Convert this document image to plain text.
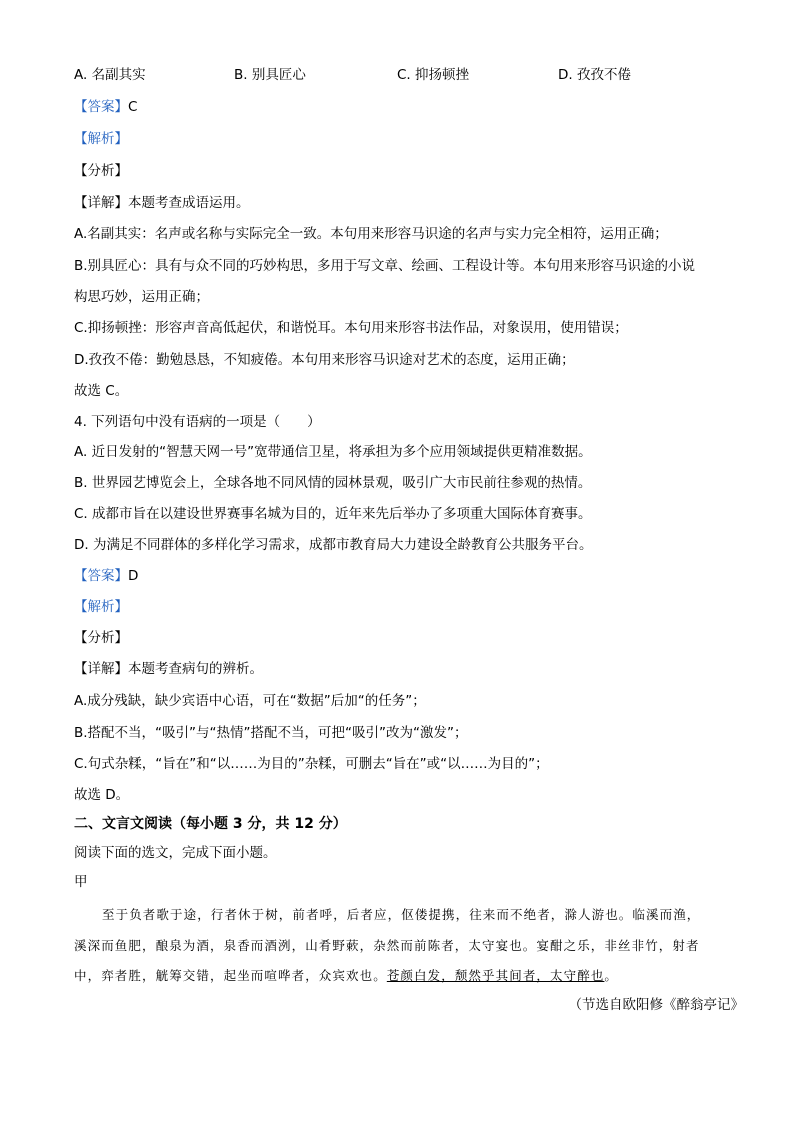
A. 名副其实	B. 别具匠心	C. 抑扬顿挫	D. 孜孜不倦
【答案】C
【解析】
【分析】
【详解】本题考查成语运用。
A.名副其实：名声或名称与实际完全一致。本句用来形容马识途的名声与实力完全相符，运用正确；
B.别具匠心：具有与众不同的巧妙构思，多用于写文章、绘画、工程设计等。本句用来形容马识途的小说
构思巧妙，运用正确；
C.抑扬顿挫：形容声音高低起伏，和谐悦耳。本句用来形容书法作品，对象误用，使用错误；
D.孜孜不倦：勤勉恳恳，不知疲倦。本句用来形容马识途对艺术的态度，运用正确；
故选 C。
4. 下列语句中没有语病的一项是（　　）
A. 近日发射的“智慧天网一号”宽带通信卫星，将承担为多个应用领域提供更精准数据。
B. 世界园艺博览会上，全球各地不同风情的园林景观，吸引广大市民前往参观的热情。
C. 成都市旨在以建设世界赛事名城为目的，近年来先后举办了多项重大国际体育赛事。
D. 为满足不同群体的多样化学习需求，成都市教育局大力建设全龄教育公共服务平台。
【答案】D
【解析】
【分析】
【详解】本题考查病句的辨析。
A.成分残缺，缺少宾语中心语，可在“数据”后加“的任务”；
B.搭配不当，“吸引”与“热情”搭配不当，可把“吸引”改为“激发”；
C.句式杂糅，“旨在”和“以……为目的”杂糅，可删去“旨在”或“以……为目的”；
故选 D。
二、文言文阅读（每小题 3 分，共 12 分）
阅读下面的选文，完成下面小题。
甲
至于负者歌于途，行者休于树，前者呼，后者应，伛偻提携，往来而不绝者，滁人游也。临溪而渔，
溪深而鱼肥，酿泉为酒，泉香而酒洌，山肴野蔌，杂然而前陈者，太守宴也。宴酣之乐，非丝非竹，射者
中，弈者胜，觥筹交错，起坐而喧哗者，众宾欢也。苍颜白发，颓然乎其间者，太守醉也。
（节选自欧阳修《醉翁亭记》
